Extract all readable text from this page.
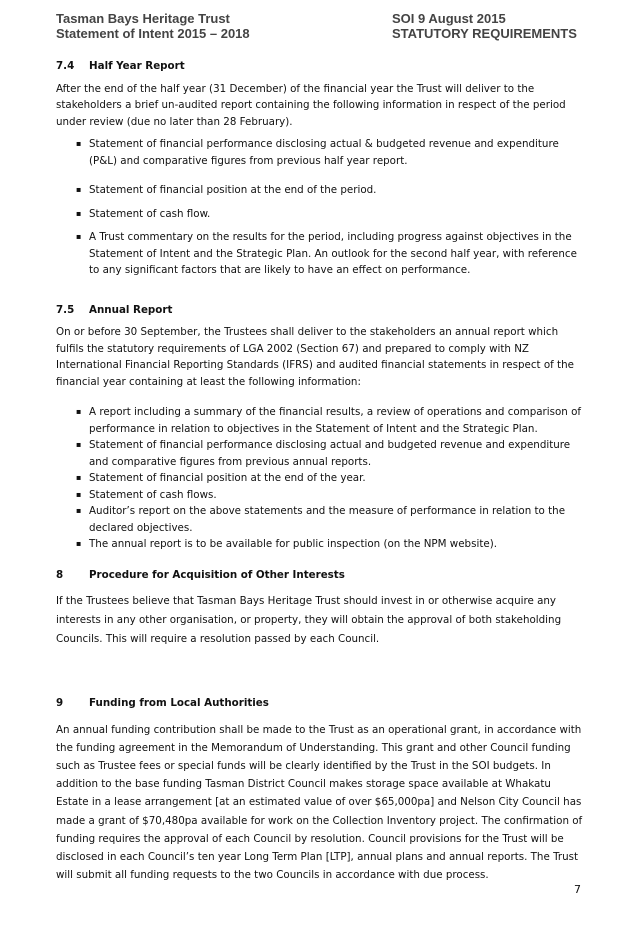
Tasman Bays Heritage Trust
Statement of Intent 2015 – 2018
SOI 9 August 2015
STATUTORY REQUIREMENTS
7.4	Half Year Report

After the end of the half year (31 December) of the financial year the Trust will deliver to the stakeholders a brief un-audited report containing the following information in respect of the period under review (due no later than 28 February).

▪ Statement of financial performance disclosing actual & budgeted revenue and expenditure (P&L) and comparative figures from previous half year report.
▪ Statement of financial position at the end of the period.
▪ Statement of cash flow.
▪ A Trust commentary on the results for the period, including progress against objectives in the Statement of Intent and the Strategic Plan. An outlook for the second half year, with reference to any significant factors that are likely to have an effect on performance.
7.5	Annual Report

On or before 30 September, the Trustees shall deliver to the stakeholders an annual report which fulfils the statutory requirements of LGA 2002 (Section 67) and prepared to comply with NZ International Financial Reporting Standards (IFRS) and audited financial statements in respect of the financial year containing at least the following information:

▪ A report including a summary of the financial results, a review of operations and comparison of performance in relation to objectives in the Statement of Intent and the Strategic Plan.
▪ Statement of financial performance disclosing actual and budgeted revenue and expenditure and comparative figures from previous annual reports.
▪ Statement of financial position at the end of the year.
▪ Statement of cash flows.
▪ Auditor’s report on the above statements and the measure of performance in relation to the declared objectives.
▪ The annual report is to be available for public inspection (on the NPM website).
8	Procedure for Acquisition of Other Interests

If the Trustees believe that Tasman Bays Heritage Trust should invest in or otherwise acquire any interests in any other organisation, or property, they will obtain the approval of both stakeholding Councils. This will require a resolution passed by each Council.

9	Funding from Local Authorities

An annual funding contribution shall be made to the Trust as an operational grant, in accordance with the funding agreement in the Memorandum of Understanding. This grant and other Council funding such as Trustee fees or special funds will be clearly identified by the Trust in the SOI budgets. In addition to the base funding Tasman District Council makes storage space available at Whakatu Estate in a lease arrangement [at an estimated value of over $65,000pa] and Nelson City Council has made a grant of $70,480pa available for work on the Collection Inventory project. The confirmation of funding requires the approval of each Council by resolution. Council provisions for the Trust will be disclosed in each Council’s ten year Long Term Plan [LTP], annual plans and annual reports. The Trust will submit all funding requests to the two Councils in accordance with due process.

7
